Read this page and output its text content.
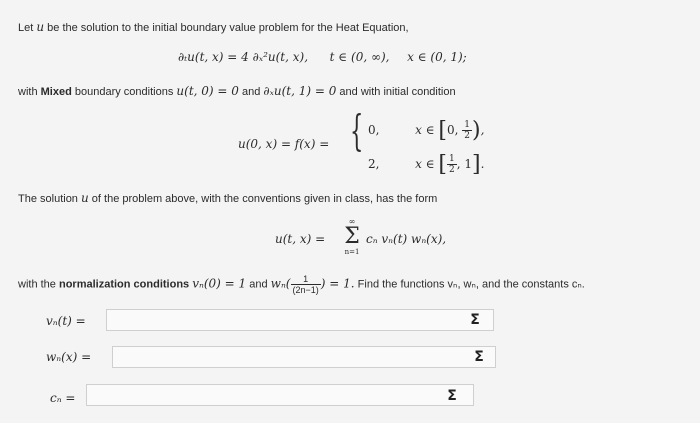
Let u be the solution to the initial boundary value problem for the Heat Equation,
∂ₜu(t, x) = 4 ∂ₓ²u(t, x), t ∈ (0, ∞), x ∈ (0, 1);
with Mixed boundary conditions u(t, 0) = 0 and ∂ₓu(t, 1) = 0 and with initial condition
u(0, x) = f(x) = { 0,	x ∈ [0, $\frac{1}{2}$ ),
2,	x ∈ [ $\frac{1}{2}$ , 1].
The solution u of the problem above, with the conventions given in class, has the form
u(t, x) =
∞
Σ
n=1
cₙ vₙ(t) wₙ(x),
with the normalization conditions vₙ(0) = 1 and $w_n( \frac{1}{(2n-1)}$ ) = 1. Find the functions vₙ, wₙ, and the constants cₙ.
vₙ(t) =	Σ
wₙ(x) =	Σ
cₙ =	Σ
